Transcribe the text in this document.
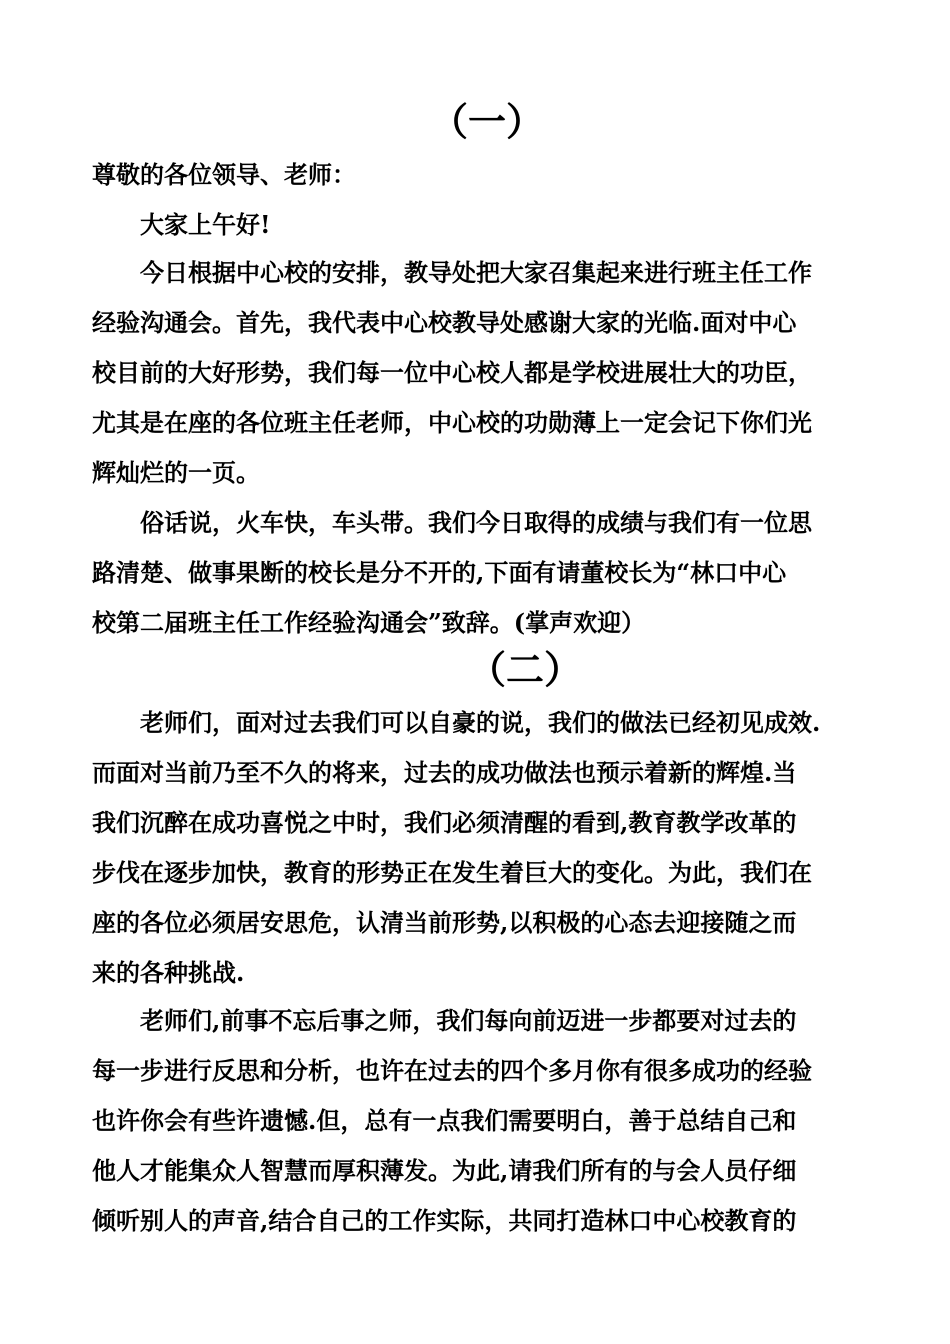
（一）
尊敬的各位领导、老师：
大家上午好!
今日根据中心校的安排，教导处把大家召集起来进行班主任工作
经验沟通会。首先，我代表中心校教导处感谢大家的光临.面对中心
校目前的大好形势，我们每一位中心校人都是学校进展壮大的功臣，
尤其是在座的各位班主任老师，中心校的功勋薄上一定会记下你们光
辉灿烂的一页。
俗话说，火车快，车头带。我们今日取得的成绩与我们有一位思
路清楚、做事果断的校长是分不开的,下面有请董校长为“林口中心
校第二届班主任工作经验沟通会”致辞。(掌声欢迎）
（二）
老师们，面对过去我们可以自豪的说，我们的做法已经初见成效.
而面对当前乃至不久的将来，过去的成功做法也预示着新的辉煌.当
我们沉醉在成功喜悦之中时，我们必须清醒的看到,教育教学改革的
步伐在逐步加快，教育的形势正在发生着巨大的变化。为此，我们在
座的各位必须居安思危，认清当前形势,以积极的心态去迎接随之而
来的各种挑战.
老师们,前事不忘后事之师，我们每向前迈进一步都要对过去的
每一步进行反思和分析，也许在过去的四个多月你有很多成功的经验
也许你会有些许遗憾.但，总有一点我们需要明白，善于总结自己和
他人才能集众人智慧而厚积薄发。为此,请我们所有的与会人员仔细
倾听别人的声音,结合自己的工作实际，共同打造林口中心校教育的
